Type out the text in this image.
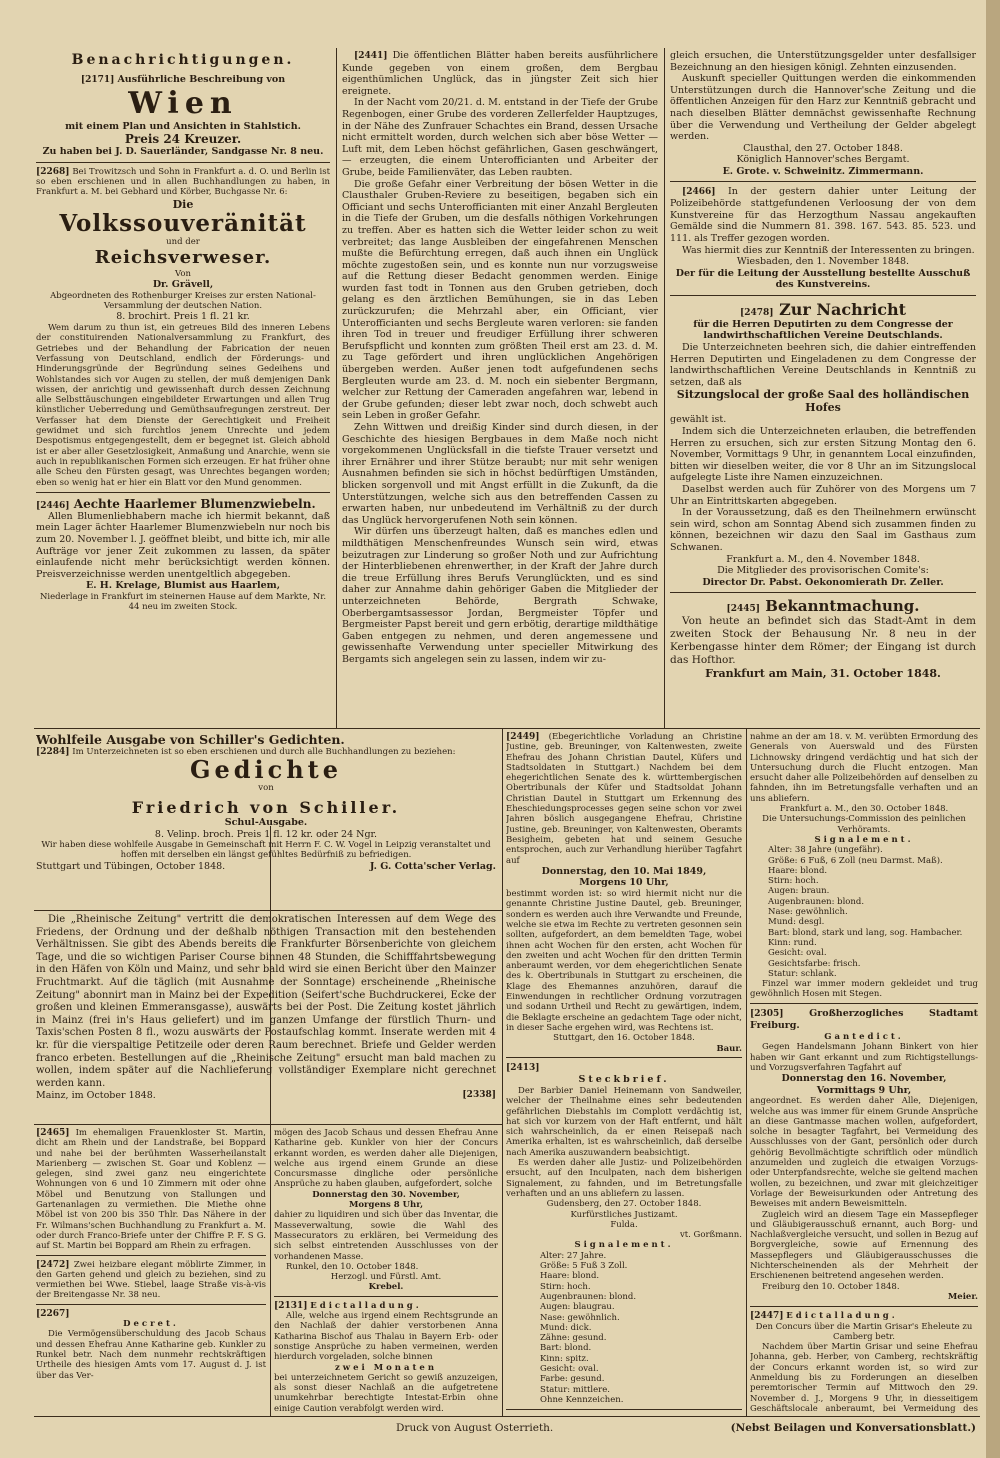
Benachrichtigungen.
[2171] Ausführliche Beschreibung von
Wien
mit einem Plan und Ansichten in Stahlstich.
Preis 24 Kreuzer.
Zu haben bei J. D. Sauerländer, Sandgasse Nr. 8 neu.
[2268] Bei Trowitzsch und Sohn in Frankfurt a. d. O. und Berlin ist so eben erschienen und in allen Buchhandlungen zu haben, in Frankfurt a. M. bei Gebhard und Körber, Buchgasse Nr. 6:
Die
Volkssouveränität
und der
Reichsverweser.
Von
Dr. Grävell,
Abgeordneten des Rothenburger Kreises zur ersten National-Versammlung der deutschen Nation.
8. brochirt. Preis 1 fl. 21 kr.
Wem darum zu thun ist, ein getreues Bild des inneren Lebens der constituirenden Nationalversammlung zu Frankfurt, des Getriebes und der Behandlung der Fabrication der neuen Verfassung von Deutschland, endlich der Förderungs- und Hinderungsgründe der Begründung seines Gedeihens und Wohlstandes sich vor Augen zu stellen, der muß demjenigen Dank wissen, der anrichtig und gewissenhaft durch dessen Zeichnung alle Selbsttäuschungen eingebildeter Erwartungen und allen Trug künstlicher Ueberredung und Gemüthsaufregungen zerstreut. Der Verfasser hat dem Dienste der Gerechtigkeit und Freiheit gewidmet und sich furchtlos jenem Unrechte und jedem Despotismus entgegengestellt, dem er begegnet ist. Gleich abhold ist er aber aller Gesetzlosigkeit, Anmaßung und Anarchie, wenn sie auch in republikanischen Formen sich erzeugen. Er hat früher ohne alle Scheu den Fürsten gesagt, was Unrechtes begangen worden; eben so wenig hat er hier ein Blatt vor den Mund genommen.
[2446] Aechte Haarlemer Blumenzwiebeln.
Allen Blumenliebhabern mache ich hiermit bekannt, daß mein Lager ächter Haarlemer Blumenzwiebeln nur noch bis zum 20. November l. J. geöffnet bleibt, und bitte ich, mir alle Aufträge vor jener Zeit zukommen zu lassen, da später einlaufende nicht mehr berücksichtigt werden können. Preisverzeichnisse werden unentgeltlich abgegeben.
E. H. Krelage, Blumist aus Haarlem,
Niederlage in Frankfurt im steinernen Hause auf dem Markte, Nr. 44 neu im zweiten Stock.
[2441] Die öffentlichen Blätter haben bereits ausführlichere Kunde gegeben von einem großen, dem Bergbau eigenthümlichen Unglück, das in jüngster Zeit sich hier ereignete.
In der Nacht vom 20/21. d. M. entstand in der Tiefe der Grube Regenbogen, einer Grube des vorderen Zellerfelder Hauptzuges, in der Nähe des Zunfrauer Schachtes ein Brand, dessen Ursache nicht ermittelt worden, durch welchen sich aber böse Wetter — Luft mit, dem Leben höchst gefährlichen, Gasen geschwängert, — erzeugten, die einem Unterofficianten und Arbeiter der Grube, beide Familienväter, das Leben raubten.
Die große Gefahr einer Verbreitung der bösen Wetter in die Clausthaler Gruben-Reviere zu beseitigen, begaben sich ein Officiant und sechs Unterofficianten mit einer Anzahl Bergleuten in die Tiefe der Gruben, um die desfalls nöthigen Vorkehrungen zu treffen. Aber es hatten sich die Wetter leider schon zu weit verbreitet; das lange Ausbleiben der eingefahrenen Menschen mußte die Befürchtung erregen, daß auch ihnen ein Unglück möchte zugestoßen sein, und es konnte nun nur vorzugsweise auf die Rettung dieser Bedacht genommen werden. Einige wurden fast todt in Tonnen aus den Gruben getrieben, doch gelang es den ärztlichen Bemühungen, sie in das Leben zurückzurufen; die Mehrzahl aber, ein Officiant, vier Unterofficianten und sechs Bergleute waren verloren: sie fanden ihren Tod in treuer und freudiger Erfüllung ihrer schweren Berufspflicht und konnten zum größten Theil erst am 23. d. M. zu Tage gefördert und ihren unglücklichen Angehörigen übergeben werden. Außer jenen todt aufgefundenen sechs Bergleuten wurde am 23. d. M. noch ein siebenter Bergmann, welcher zur Rettung der Cameraden angefahren war, lebend in der Grube gefunden; dieser lebt zwar noch, doch schwebt auch sein Leben in großer Gefahr.
Zehn Wittwen und dreißig Kinder sind durch diesen, in der Geschichte des hiesigen Bergbaues in dem Maße noch nicht vorgekommenen Unglücksfall in die tiefste Trauer versetzt und ihrer Ernährer und ihrer Stütze beraubt; nur mit sehr wenigen Ausnahmen befinden sie sich in höchst bedürftigen Umständen, blicken sorgenvoll und mit Angst erfüllt in die Zukunft, da die Unterstützungen, welche sich aus den betreffenden Cassen zu erwarten haben, nur unbedeutend im Verhältniß zu der durch das Unglück hervorgerufenen Noth sein können.
Wir dürfen uns überzeugt halten, daß es manches edlen und mildthätigen Menschenfreundes Wunsch sein wird, etwas beizutragen zur Linderung so großer Noth und zur Aufrichtung der Hinterbliebenen ehrenwerther, in der Kraft der Jahre durch die treue Erfüllung ihres Berufs Verunglückten, und es sind daher zur Annahme dahin gehöriger Gaben die Mitglieder der unterzeichneten Behörde, Bergrath Schwake, Oberbergamtsassessor Jordan, Bergmeister Töpfer und Bergmeister Papst bereit und gern erbötig, derartige mildthätige Gaben entgegen zu nehmen, und deren angemessene und gewissenhafte Verwendung unter specieller Mitwirkung des Bergamts sich angelegen sein zu lassen, indem wir zu-
gleich ersuchen, die Unterstützungsgelder unter desfallsiger Bezeichnung an den hiesigen königl. Zehnten einzusenden.
Auskunft specieller Quittungen werden die einkommenden Unterstützungen durch die Hannover'sche Zeitung und die öffentlichen Anzeigen für den Harz zur Kenntniß gebracht und nach dieselben Blätter demnächst gewissenhafte Rechnung über die Verwendung und Vertheilung der Gelder abgelegt werden.
Clausthal, den 27. October 1848.
Königlich Hannover'sches Bergamt.
E. Grote. v. Schweinitz. Zimmermann.
[2466] In der gestern dahier unter Leitung der Polizeibehörde stattgefundenen Verloosung der von dem Kunstvereine für das Herzogthum Nassau angekauften Gemälde sind die Nummern 81. 398. 167. 543. 85. 523. und 111. als Treffer gezogen worden.
Was hiermit dies zur Kenntniß der Interessenten zu bringen.
Wiesbaden, den 1. November 1848.
Der für die Leitung der Ausstellung bestellte Ausschuß des Kunstvereins.
[2478] Zur Nachricht
für die Herren Deputirten zu dem Congresse der landwirthschaftlichen Vereine Deutschlands.
Die Unterzeichneten beehren sich, die dahier eintreffenden Herren Deputirten und Eingeladenen zu dem Congresse der landwirthschaftlichen Vereine Deutschlands in Kenntniß zu setzen, daß als
Sitzungslocal der große Saal des holländischen Hofes
gewählt ist.
Indem sich die Unterzeichneten erlauben, die betreffenden Herren zu ersuchen, sich zur ersten Sitzung Montag den 6. November, Vormittags 9 Uhr, in genanntem Local einzufinden, bitten wir dieselben weiter, die vor 8 Uhr an im Sitzungslocal aufgelegte Liste ihre Namen einzuzeichnen.
Daselbst werden auch für Zuhörer von des Morgens um 7 Uhr an Eintrittskarten abgegeben.
In der Voraussetzung, daß es den Theilnehmern erwünscht sein wird, schon am Sonntag Abend sich zusammen finden zu können, bezeichnen wir dazu den Saal im Gasthaus zum Schwanen.
Frankfurt a. M., den 4. November 1848.
Die Mitglieder des provisorischen Comite's:
Director Dr. Pabst. Oekonomierath Dr. Zeller.
[2445] Bekanntmachung.
Von heute an befindet sich das Stadt-Amt in dem zweiten Stock der Behausung Nr. 8 neu in der Kerbengasse hinter dem Römer; der Eingang ist durch das Hofthor.
Frankfurt am Main, 31. October 1848.
Wohlfeile Ausgabe von Schiller's Gedichten.
[2284] Im Unterzeichneten ist so eben erschienen und durch alle Buchhandlungen zu beziehen:
Gedichte
von
[2449] (Ebegerichtliche Vorladung an Christine Justine, geb. Breuninger, von Kaltenwesten, zweite Ehefrau des Johann Christian Dautel, Küfers und Stadtsoldaten in Stuttgart.) Nachdem bei dem ehegerichtlichen Senate des k. württembergischen Obertribunals der Küfer und Stadtsoldat Johann Christian Dautel in Stuttgart um Erkennung des Eheschiedungsprocesses gegen seine schon vor zwei Jahren böslich ausgegangene Ehefrau, Christine Justine, geb. Breuninger, von Kaltenwesten, Oberamts Besigheim, gebeten hat und seinem Gesuche entsprochen, auch zur Verhandlung hierüber Tagfahrt auf
Donnerstag, den 10. Mai 1849,
Morgens 10 Uhr,
bestimmt worden ist: so wird hiermit nicht nur die genannte Christine Justine Dautel, geb. Breuninger, sondern es werden auch ihre Verwandte und Freunde, welche sie etwa im Rechte zu vertreten gesonnen sein sollten, aufgefordert, an dem bemeldten Tage, wobei ihnen acht Wochen für den ersten, acht Wochen für den zweiten und acht Wochen für den dritten Termin anberaumt werden, vor dem ehegerichtlichen Senate des k. Obertribunals in Stuttgart zu erscheinen, die Klage des Ehemannes anzuhören, darauf die Einwendungen in rechtlicher Ordnung vorzutragen und sodann Urtheil und Recht zu gewärtigen, indem, die Beklagte erscheine an gedachtem Tage oder nicht, in dieser Sache ergehen wird, was Rechtens ist.
Stuttgart, den 16. October 1848.
Baur.
[2413]
Steckbrief.
Der Barbier Daniel Heinemann von Sandweiler, welcher der Theilnahme eines sehr bedeutenden gefährlichen Diebstahls im Complott verdächtig ist, hat sich vor kurzem von der Haft entfernt, und hält sich wahrscheinlich, da er einen Reisepaß nach Amerika erhalten, ist es wahrscheinlich, daß derselbe nach Amerika auszuwandern beabsichtigt.
Es werden daher alle Justiz- und Polizeibehörden ersucht, auf den Inculpaten, nach dem bisherigen Signalement, zu fahnden, und im Betretungsfalle verhaften und an uns abliefern zu lassen.
Gudensberg, den 27. October 1848.
Kurfürstliches Justizamt.
Fulda.
vt. Gorßmann.
Signalement.
Alter: 27 Jahre.
Größe: 5 Fuß 3 Zoll.
Haare: blond.
Stirn: hoch.
Augenbraunen: blond.
Augen: blaugrau.
Nase: gewöhnlich.
Mund: dick.
Zähne: gesund.
Bart: blond.
Kinn: spitz.
Gesicht: oval.
Farbe: gesund.
Statur: mittlere.
Ohne Kennzeichen.
nahme an der am 18. v. M. verübten Ermordung des Generals von Auerswald und des Fürsten Lichnowsky dringend verdächtig und hat sich der Untersuchung durch die Flucht entzogen. Man ersucht daher alle Polizeibehörden auf denselben zu fahnden, ihn im Betretungsfalle verhaften und an uns abliefern.
Frankfurt a. M., den 30. October 1848.
Die Untersuchungs-Commission des peinlichen Verhöramts.
Signalement.
Alter: 38 Jahre (ungefähr).
Größe: 6 Fuß, 6 Zoll (neu Darmst. Maß).
Haare: blond.
Stirn: hoch.
Augen: braun.
Augenbraunen: blond.
Nase: gewöhnlich.
Mund: desgl.
Bart: blond, stark und lang, sog. Hambacher.
Kinn: rund.
Gesicht: oval.
Gesichtsfarbe: frisch.
Statur: schlank.
Finzel war immer modern gekleidet und trug gewöhnlich Hosen mit Stegen.
[2305]	Großherzogliches Stadtamt Freiburg.
Gantedict.
Gegen Handelsmann Johann Binkert von hier haben wir Gant erkannt und zum Richtigstellungs- und Vorzugsverfahren Tagfahrt auf
Donnerstag den 16. November,
Vormittags 9 Uhr,
angeordnet. Es werden daher Alle, Diejenigen, welche aus was immer für einem Grunde Ansprüche an diese Gantmasse machen wollen, aufgefordert, solche in besagter Tagfahrt, bei Vermeidung des Ausschlusses von der Gant, persönlich oder durch gehörig Bevollmächtigte schriftlich oder mündlich anzumelden und zugleich die etwaigen Vorzugs- oder Unterpfandsrechte, welche sie geltend machen wollen, zu bezeichnen, und zwar mit gleichzeitiger Vorlage der Beweisurkunden oder Antretung des Beweises mit andern Beweismitteln.
Zugleich wird an diesem Tage ein Massepfleger und Gläubigerausschuß ernannt, auch Borg- und Nachlaßvergleiche versucht, und sollen in Bezug auf Borgvergleiche, sowie auf Ernennung des Massepflegers und Gläubigerausschusses die Nichterscheinenden als der Mehrheit der Erschienenen beitretend angesehen werden.
Freiburg den 10. October 1848.
Meier.
[2447] Edictalladung.
Den Concurs über die Martin Grisar's Eheleute zu Camberg betr.
Nachdem über Martin Grisar und seine Ehefrau Johanna, geb. Herber, von Camberg, rechtskräftig der Concurs erkannt worden ist, so wird zur Anmeldung bis zu Forderungen an dieselben peremtorischer Termin auf Mittwoch den 29. November d. J., Morgens 9 Uhr, in diesseitigem Geschäftslocale anberaumt, bei Vermeidung des
Friedrich von Schiller.
Schul-Ausgabe.
8. Velinp. broch. Preis 1 fl. 12 kr. oder 24 Ngr.
Wir haben diese wohlfeile Ausgabe in Gemeinschaft mit Herrn F. C. W. Vogel in Leipzig veranstaltet und hoffen mit derselben ein längst gefühltes Bedürfniß zu befriedigen.
Stuttgart und Tübingen, October 1848.	J. G. Cotta'scher Verlag.
Die „Rheinische Zeitung" vertritt die demokratischen Interessen auf dem Wege des Friedens, der Ordnung und der deßhalb nöthigen Transaction mit den bestehenden Verhältnissen. Sie gibt des Abends bereits die Frankfurter Börsenberichte von gleichem Tage, und die so wichtigen Pariser Course binnen 48 Stunden, die Schifffahrtsbewegung in den Häfen von Köln und Mainz, und sehr bald wird sie einen Bericht über den Mainzer Fruchtmarkt. Auf die täglich (mit Ausnahme der Sonntage) erscheinende „Rheinische Zeitung" abonnirt man in Mainz bei der Expedition (Seifert'sche Buchdruckerei, Ecke der großen und kleinen Emmeransgasse), auswärts bei der Post. Die Zeitung kostet jährlich in Mainz (frei in's Haus geliefert) und im ganzen Umfange der fürstlich Thurn- und Taxis'schen Posten 8 fl., wozu auswärts der Postaufschlag kommt. Inserate werden mit 4 kr. für die vierspaltige Petitzeile oder deren Raum berechnet. Briefe und Gelder werden franco erbeten. Bestellungen auf die „Rheinische Zeitung" ersucht man bald machen zu wollen, indem später auf die Nachlieferung vollständiger Exemplare nicht gerechnet werden kann.
Mainz, im October 1848.	[2338]
[2465] Im ehemaligen Frauenkloster St. Martin, dicht am Rhein und der Landstraße, bei Boppard und nahe bei der berühmten Wasserheilanstalt Marienberg — zwischen St. Goar und Koblenz — gelegen, sind zwei ganz neu eingerichtete Wohnungen von 6 und 10 Zimmern mit oder ohne Möbel und Benutzung von Stallungen und Gartenanlagen zu vermiethen. Die Miethe ohne Möbel ist von 200 bis 350 Thlr. Das Nähere in der Fr. Wilmans'schen Buchhandlung zu Frankfurt a. M. oder durch Franco-Briefe unter der Chiffre P. F. S G. auf St. Martin bei Boppard am Rhein zu erfragen.
[2472] Zwei heizbare elegant möblirte Zimmer, in den Garten gehend und gleich zu beziehen, sind zu vermiethen bei Wwe. Stiebel, laage Straße vis-à-vis der Breitengasse Nr. 38 neu.
[2267]
Decret.
Die Vermögensüberschuldung des Jacob Schaus und dessen Ehefrau Anne Katharine geb. Kunkler zu Runkel betr. Nach dem nunmehr rechtskräftigen Urtheile des hiesigen Amts vom 17. August d. J. ist über das Ver-
mögen des Jacob Schaus und dessen Ehefrau Anne Katharine geb. Kunkler von hier der Concurs erkannt worden, es werden daher alle Diejenigen, welche aus irgend einem Grunde an diese Concursmasse dingliche oder persönliche Ansprüche zu haben glauben, aufgefordert, solche
Donnerstag den 30. November,
Morgens 8 Uhr,
dahier zu liquidiren und sich über das Inventar, die Masseverwaltung, sowie die Wahl des Massecurators zu erklären, bei Vermeidung des sich selbst eintretenden Ausschlusses von der vorhandenen Masse.
Runkel, den 10. October 1848.
Herzogl. und Fürstl. Amt.
Krebel.
[2131] Edictalladung.
Alle, welche aus irgend einem Rechtsgrunde an den Nachlaß der dahier verstorbenen Anna Katharina Bischof aus Thalau in Bayern Erb- oder sonstige Ansprüche zu haben vermeinen, werden hierdurch vorgeladen, solche binnen
zwei Monaten
bei unterzeichnetem Gericht so gewiß anzuzeigen, als sonst dieser Nachlaß an die aufgetretene unumkehrbar berechtigte Intestat-Erbin ohne einige Caution verabfolgt werden wird.
Druck von August Osterrieth.	(Nebst Beilagen und Konversationsblatt.)
